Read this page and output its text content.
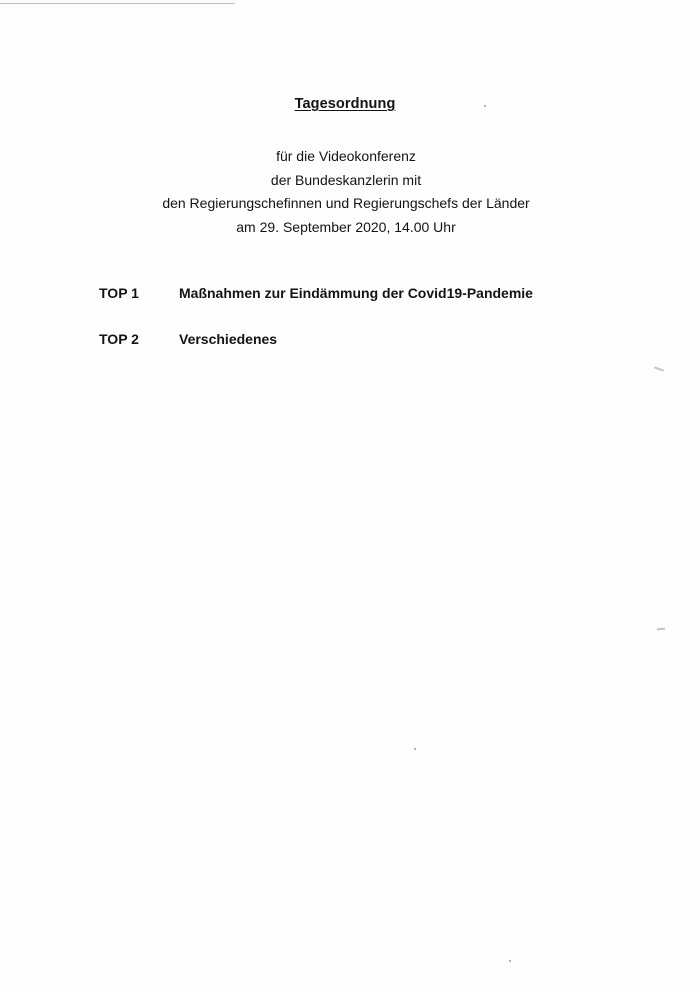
Tagesordnung
für die Videokonferenz
der Bundeskanzlerin mit
den Regierungschefinnen und Regierungschefs der Länder
am 29. September 2020, 14.00 Uhr
TOP 1	Maßnahmen zur Eindämmung der Covid19-Pandemie
TOP 2	Verschiedenes
